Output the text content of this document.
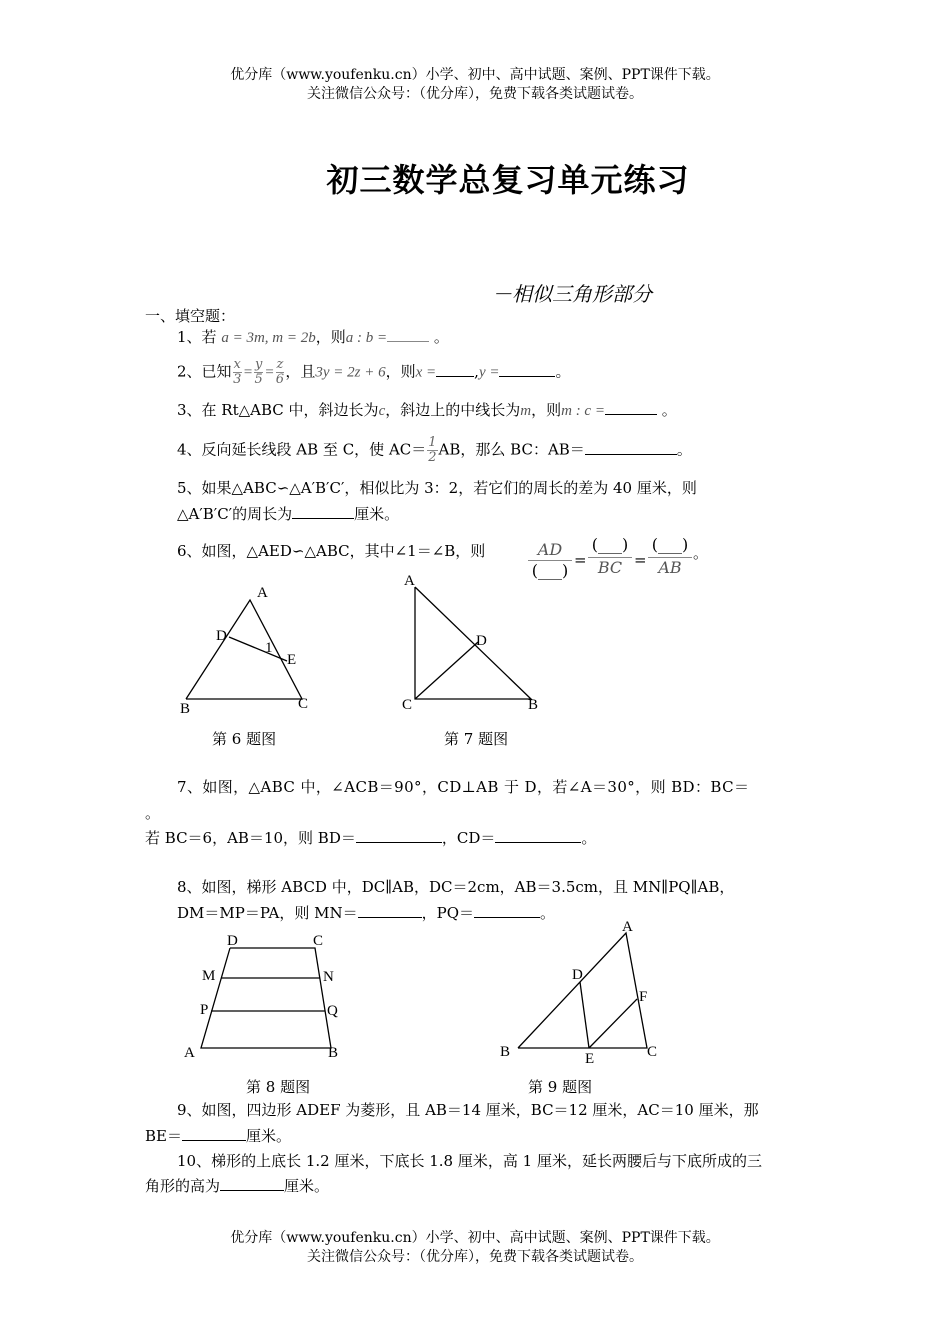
优分库（www.youfenku.cn）小学、初中、高中试题、案例、PPT课件下载。
关注微信公众号：（优分库），免费下载各类试题试卷。
初三数学总复习单元练习
－相似三角形部分
一、填空题：
1、若 a = 3m, m = 2b，则a : b =	。
2、已知 $\frac{x}{3} = \frac{y}{5} = \frac{z}{6}$ ，且3y = 2z + 6，则x =	,y =	。
3、在 Rt△ABC 中，斜边长为c，斜边上的中线长为m，则m : c =	。
4、反向延长线段 AB 至 C，使 $AC= \frac{1}{2}$ AB，那么 BC：AB＝	。
5、如果△ABC∽△A′B′C′，相似比为 3：2，若它们的周长的差为 40 厘米，则
△A′B′C′的周长为	厘米。
6、如图，△AED∽△ABC，其中∠1＝∠B，则	AD
(___)
=
(___)
BC =
(___)
AB
。
A
D
1
E
B	C
第 6 题图
A
D
C	B
第 7 题图
7、如图，△ABC 中，∠ACB＝90°，CD⊥AB 于 D，若∠A＝30°，则 BD：BC＝
。
若 BC＝6，AB＝10，则 BD＝	，CD＝	。
8、如图，梯形 ABCD 中，DC∥AB，DC＝2cm，AB＝3.5cm，且 MN∥PQ∥AB，
DM＝MP＝PA，则 MN＝	，PQ＝	。
D	C
M	N
P	Q
A	B
第 8 题图
A
D
F
B	E	C
第 9 题图
9、如图，四边形 ADEF 为菱形，且 AB＝14 厘米，BC＝12 厘米，AC＝10 厘米，那
BE＝	厘米。
10、梯形的上底长 1.2 厘米，下底长 1.8 厘米，高 1 厘米，延长两腰后与下底所成的三
角形的高为	厘米。
优分库（www.youfenku.cn）小学、初中、高中试题、案例、PPT课件下载。
关注微信公众号：（优分库），免费下载各类试题试卷。
